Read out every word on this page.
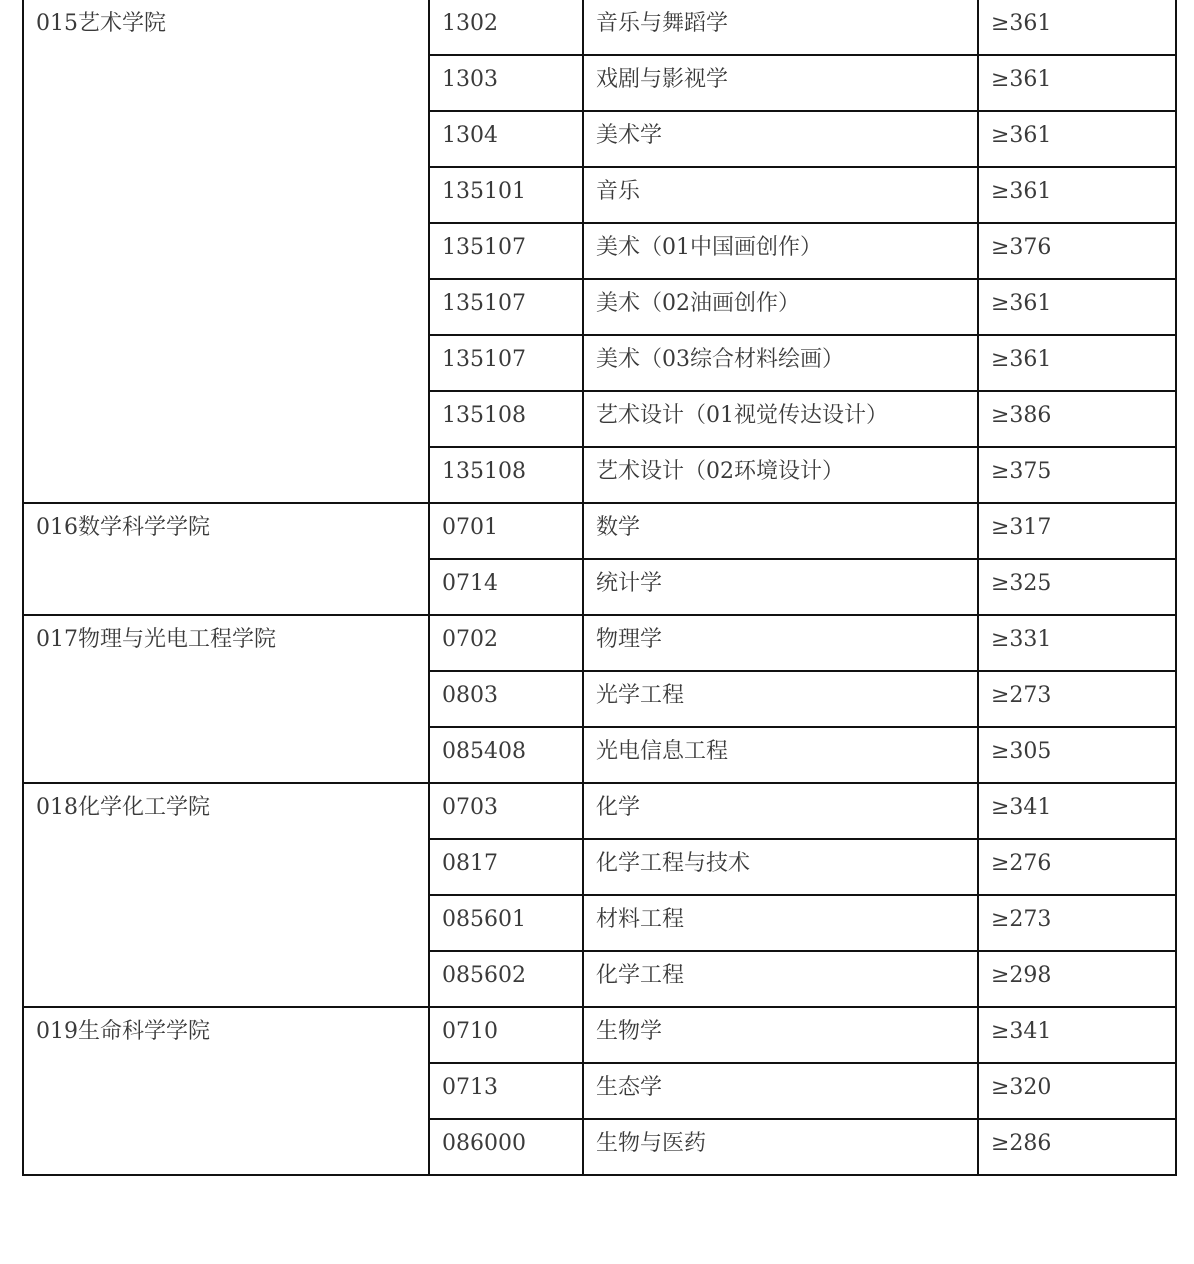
015艺术学院	1302	音乐与舞蹈学	≥361

	1303	戏剧与影视学	≥361

	1304	美术学	≥361

	135101	音乐	≥361

	135107	美术（01中国画创作）	≥376

	135107	美术（02油画创作）	≥361

	135107	美术（03综合材料绘画）	≥361

	135108	艺术设计（01视觉传达设计）	≥386

	135108	艺术设计（02环境设计）	≥375

016数学科学学院	0701	数学	≥317

	0714	统计学	≥325

017物理与光电工程学院	0702	物理学	≥331

	0803	光学工程	≥273

	085408	光电信息工程	≥305

018化学化工学院	0703	化学	≥341

	0817	化学工程与技术	≥276

	085601	材料工程	≥273

	085602	化学工程	≥298

019生命科学学院	0710	生物学	≥341

	0713	生态学	≥320

	086000	生物与医药	≥286
